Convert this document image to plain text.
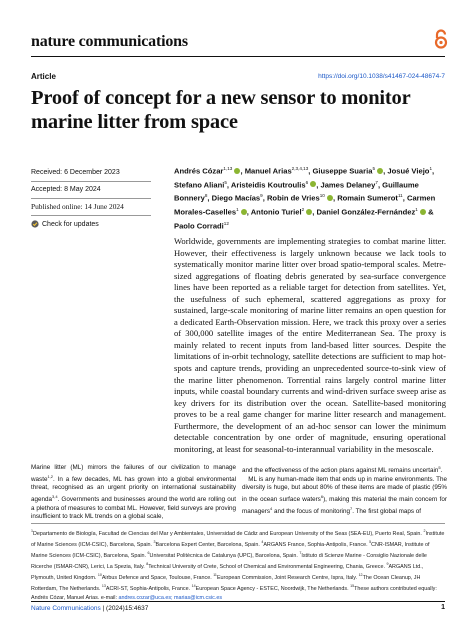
nature communications
Article	https://doi.org/10.1038/s41467-024-48674-7
Proof of concept for a new sensor to monitor marine litter from space
Received: 6 December 2023
Accepted: 8 May 2024
Published online: 14 June 2024
Check for updates
Andrés Cózar$^{1,13}$ , Manuel Arias$^{2,3,4,13}$, Giuseppe Suaria$^5$ , Josué Viejo$^1$, Stefano Aliani$^5$, Aristeidis Koutroulis$^6$ , James Delaney$^7$, Guillaume Bonnery$^8$, Diego Macías$^9$, Robin de Vries$^{10}$ , Romain Sumerot$^{11}$, Carmen Morales-Caselles$^1$ , Antonio Turiel$^2$ , Daniel González-Fernández$^1$  & Paolo Corradi$^{12}$
Worldwide, governments are implementing strategies to combat marine litter. However, their effectiveness is largely unknown because we lack tools to systematically monitor marine litter over broad spatio-temporal scales. Metre-sized aggregations of floating debris generated by sea-surface convergence lines have been reported as a reliable target for detection from satellites. Yet, the usefulness of such ephemeral, scattered aggregations as proxy for sustained, large-scale monitoring of marine litter remains an open question for a dedicated Earth-Observation mission. Here, we track this proxy over a series of 300,000 satellite images of the entire Mediterranean Sea. The proxy is mainly related to recent inputs from land-based litter sources. Despite the limitations of in-orbit technology, satellite detections are sufficient to map hot-spots and capture trends, providing an unprecedented source-to-sink view of the marine litter phenomenon. Torrential rains largely control marine litter inputs, while coastal boundary currents and wind-driven surface sweep arise as key drivers for its distribution over the ocean. Satellite-based monitoring proves to be a real game changer for marine litter research and management. Furthermore, the development of an ad-hoc sensor can lower the minimum detectable concentration by one order of magnitude, ensuring operational monitoring, at least for seasonal-to-interannual variability in the mesoscale.
Marine litter (ML) mirrors the failures of our civilization to manage waste$^{1,2}$. In a few decades, ML has grown into a global environmental threat, recognised as an urgent priority on international sustainability agenda$^{3,4}$. Governments and businesses around the world are rolling out a plethora of measures to combat ML. However, field surveys are proving insufficient to track ML trends on a global scale,
and the effectiveness of the action plans against ML remains uncertain$^5$.
 ML is any human-made item that ends up in marine environments. The diversity is huge, but about 80% of these items are made of plastic (95% in the ocean surface waters$^6$), making this material the main concern for managers$^4$ and the focus of monitoring$^7$. The first global maps of
$^1$Departamento de Biología, Facultad de Ciencias del Mar y Ambientales, Universidad de Cádiz and European University of the Seas (SEA-EU), Puerto Real, Spain. $^2$Institute of Marine Sciences (ICM-CSIC), Barcelona, Spain. $^3$Barcelona Expert Center, Barcelona, Spain. $^4$ARGANS France, Sophia-Antipolis, France. $^5$CNR-ISMAR, Institute of Marine Sciences (ICM-CSIC), Barcelona, Spain. $^6$Universitat Politècnica de Catalunya (UPC), Barcelona, Spain. $^7$Istituto di Scienze Marine - Consiglio Nazionale delle Ricerche (ISMAR-CNR), Lerici, La Spezia, Italy. $^8$Technical University of Crete, School of Chemical and Environmental Engineering, Chania, Greece. $^9$ARGANS Ltd., Plymouth, United Kingdom. $^{10}$Airbus Defence and Space, Toulouse, France. $^{11}$European Commission, Joint Research Centre, Ispra, Italy. $^{12}$The Ocean Cleanup, JH Rotterdam, The Netherlands. $^{13}$ACRI-ST, Sophia-Antipolis, France. $^{14}$European Space Agency - ESTEC, Noordwijk, The Netherlands. $^{15}$These authors contributed equally: Andrés Cózar, Manuel Arias. e-mail: andres.cozar@uca.es; marias@icm.csic.es
Nature Communications | (2024)15:4637	1
